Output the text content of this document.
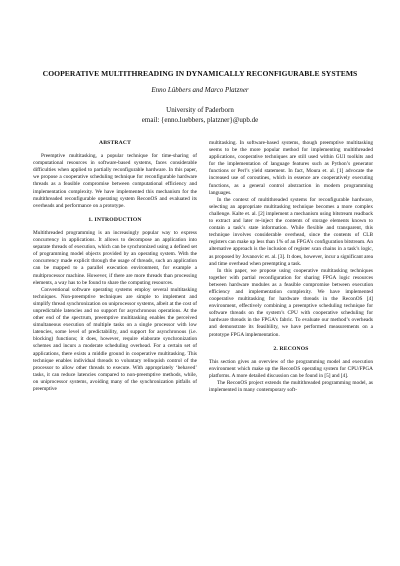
COOPERATIVE MULTITHREADING IN DYNAMICALLY RECONFIGURABLE SYSTEMS
Enno Lübbers and Marco Platzner
University of Paderborn
email: {enno.luebbers, platzner}@upb.de
ABSTRACT

Preemptive multitasking, a popular technique for time-sharing of computational resources in software-based systems, faces considerable difficulties when applied to partially reconfigurable hardware. In this paper, we propose a cooperative scheduling technique for reconfigurable hardware threads as a feasible compromise between computational efficiency and implementation complexity. We have implemented this mechanism for the multithreaded reconfigurable operating system ReconOS and evaluated its overheads and performance on a prototype.

1. INTRODUCTION

Multithreaded programming is an increasingly popular way to express concurrency in applications. It allows to decompose an application into separate threads of execution, which can be synchronized using a defined set of programming model objects provided by an operating system. With the concurrency made explicit through the usage of threads, such an application can be mapped to a parallel execution environment, for example a multiprocessor machine. However, if there are more threads than processing elements, a way has to be found to share the computing resources.

Conventional software operating systems employ several multitasking techniques. Non-preemptive techniques are simple to implement and simplify thread synchronization on uniprocessor systems, albeit at the cost of unpredictable latencies and no support for asynchronous operations. At the other end of the spectrum, preemptive multitasking enables the perceived simultaneous execution of multiple tasks on a single processor with low latencies, some level of predictability, and support for asynchronous (i.e. blocking) functions; it does, however, require elaborate synchronization schemes and incurs a moderate scheduling overhead. For a certain set of applications, there exists a middle ground in cooperative multitasking. This technique enables individual threads to voluntary relinquish control of the processor to allow other threads to execute. With appropriately ‘behaved’ tasks, it can reduce latencies compared to non-preemptive methods, while, on uniprocessor systems, avoiding many of the synchronization pitfalls of preemptive

multitasking. In software-based systems, though preemptive multitasking seems to be the more popular method for implementing multithreaded applications, cooperative techniques are still used within GUI toolkits and for the implementation of language features such as Python’s generator functions or Perl’s yield statement. In fact, Moura et. al. [1] advocate the increased use of coroutines, which in essence are cooperatively executing functions, as a general control abstraction in modern programming languages.

In the context of multithreaded systems for reconfigurable hardware, selecting an appropriate multitasking technique becomes a more complex challenge. Kalte et. al. [2] implement a mechanism using bitstream readback to extract and later re-inject the contents of storage elements known to contain a task’s state information. While flexible and transparent, this technique involves considerable overhead, since the contents of CLB registers can make up less than 1% of an FPGA’s configuration bitstream. An alternative approach is the inclusion of register scan chains in a task’s logic, as proposed by Jovanovic et. al. [3]. It does, however, incur a significant area and time overhead when preempting a task.

In this paper, we propose using cooperative multitasking techniques together with partial reconfiguration for sharing FPGA logic resources between hardware modules as a feasible compromise between execution efficiency and implementation complexity. We have implemented cooperative multitasking for hardware threads in the ReconOS [4] environment, effectively combining a preemptive scheduling technique for software threads on the system’s CPU with cooperative scheduling for hardware threads in the FPGA’s fabric. To evaluate our method’s overheads and demonstrate its feasibility, we have performed measurements on a prototype FPGA implementation.

2. RECONOS

This section gives an overview of the programming model and execution environment which make up the ReconOS operating system for CPU/FPGA platforms. A more detailed discussion can be found in [5] and [4].

The ReconOS project extends the multithreaded programming model, as implemented in many contemporary soft-
